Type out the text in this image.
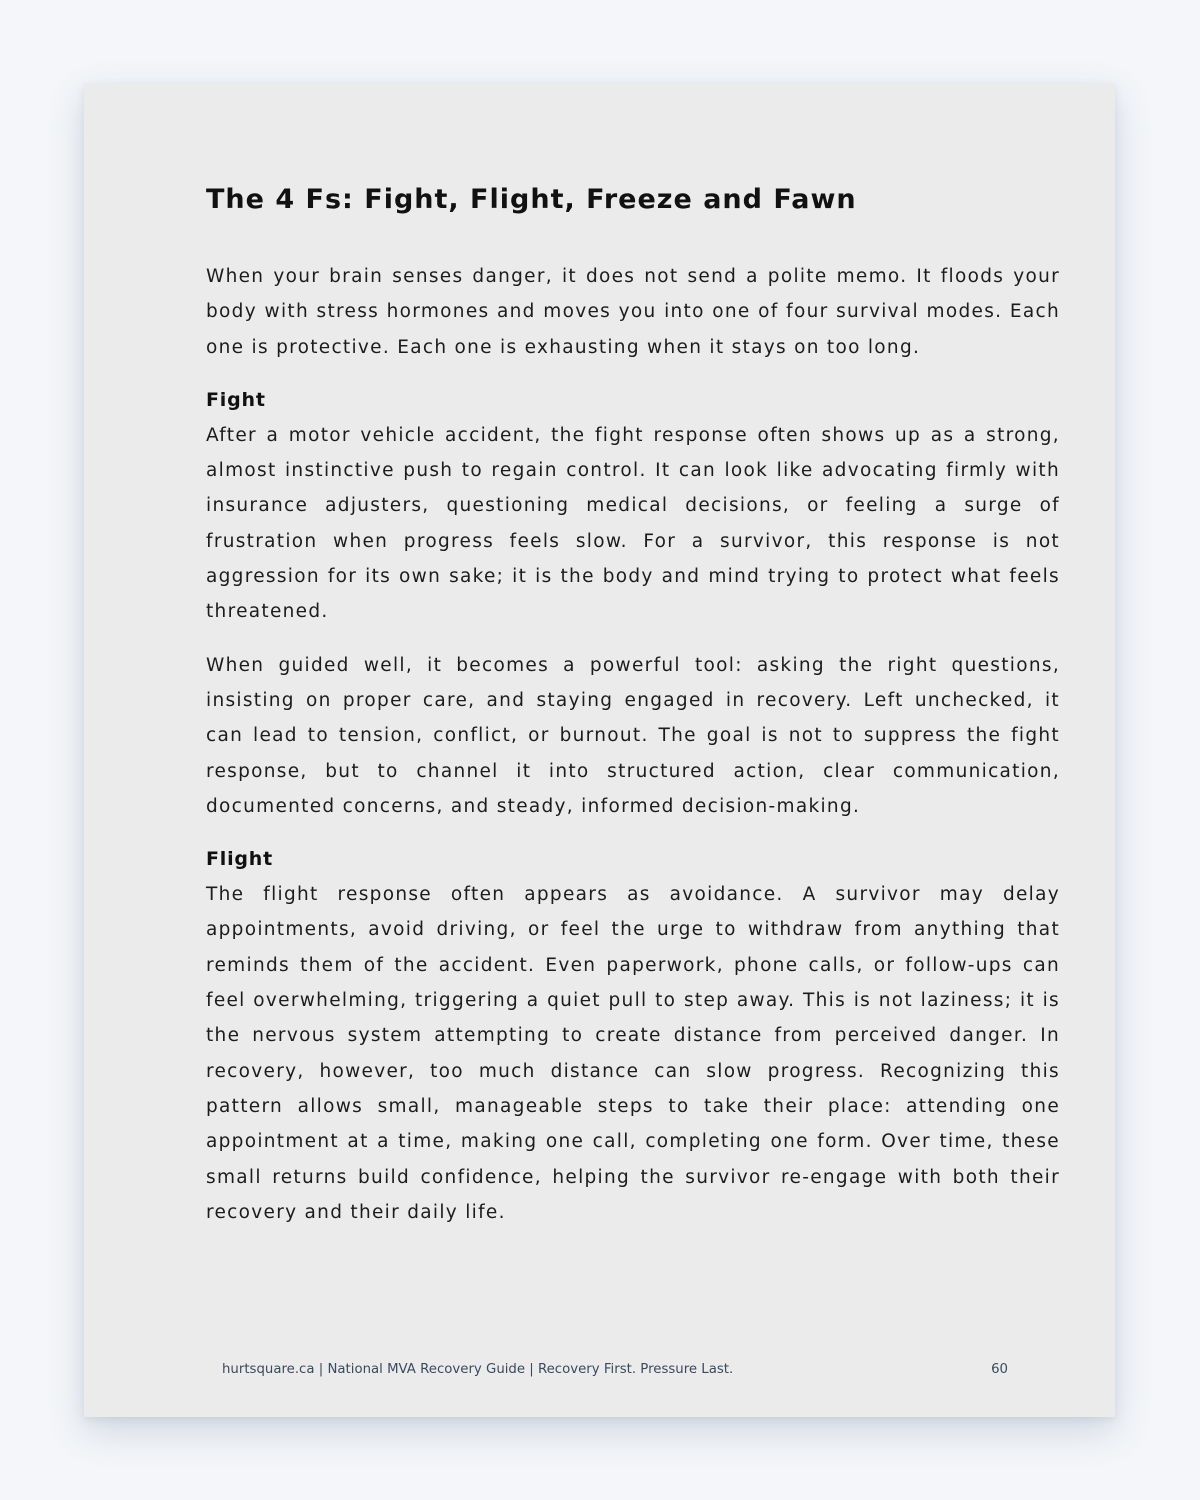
The 4 Fs: Fight, Flight, Freeze and Fawn

When your brain senses danger, it does not send a polite memo. It floods your body with stress hormones and moves you into one of four survival modes. Each one is protective. Each one is exhausting when it stays on too long.

Fight

After a motor vehicle accident, the fight response often shows up as a strong, almost instinctive push to regain control. It can look like advocating firmly with insurance adjusters, questioning medical decisions, or feeling a surge of frustration when progress feels slow. For a survivor, this response is not aggression for its own sake; it is the body and mind trying to protect what feels threatened.

When guided well, it becomes a powerful tool: asking the right questions, insisting on proper care, and staying engaged in recovery. Left unchecked, it can lead to tension, conflict, or burnout. The goal is not to suppress the fight response, but to channel it into structured action, clear communication, documented concerns, and steady, informed decision-making.

Flight

The flight response often appears as avoidance. A survivor may delay appointments, avoid driving, or feel the urge to withdraw from anything that reminds them of the accident. Even paperwork, phone calls, or follow-ups can feel overwhelming, triggering a quiet pull to step away. This is not laziness; it is the nervous system attempting to create distance from perceived danger. In recovery, however, too much distance can slow progress. Recognizing this pattern allows small, manageable steps to take their place: attending one appointment at a time, making one call, completing one form. Over time, these small returns build confidence, helping the survivor re-engage with both their recovery and their daily life.

hurtsquare.ca | National MVA Recovery Guide | Recovery First. Pressure Last.	60
